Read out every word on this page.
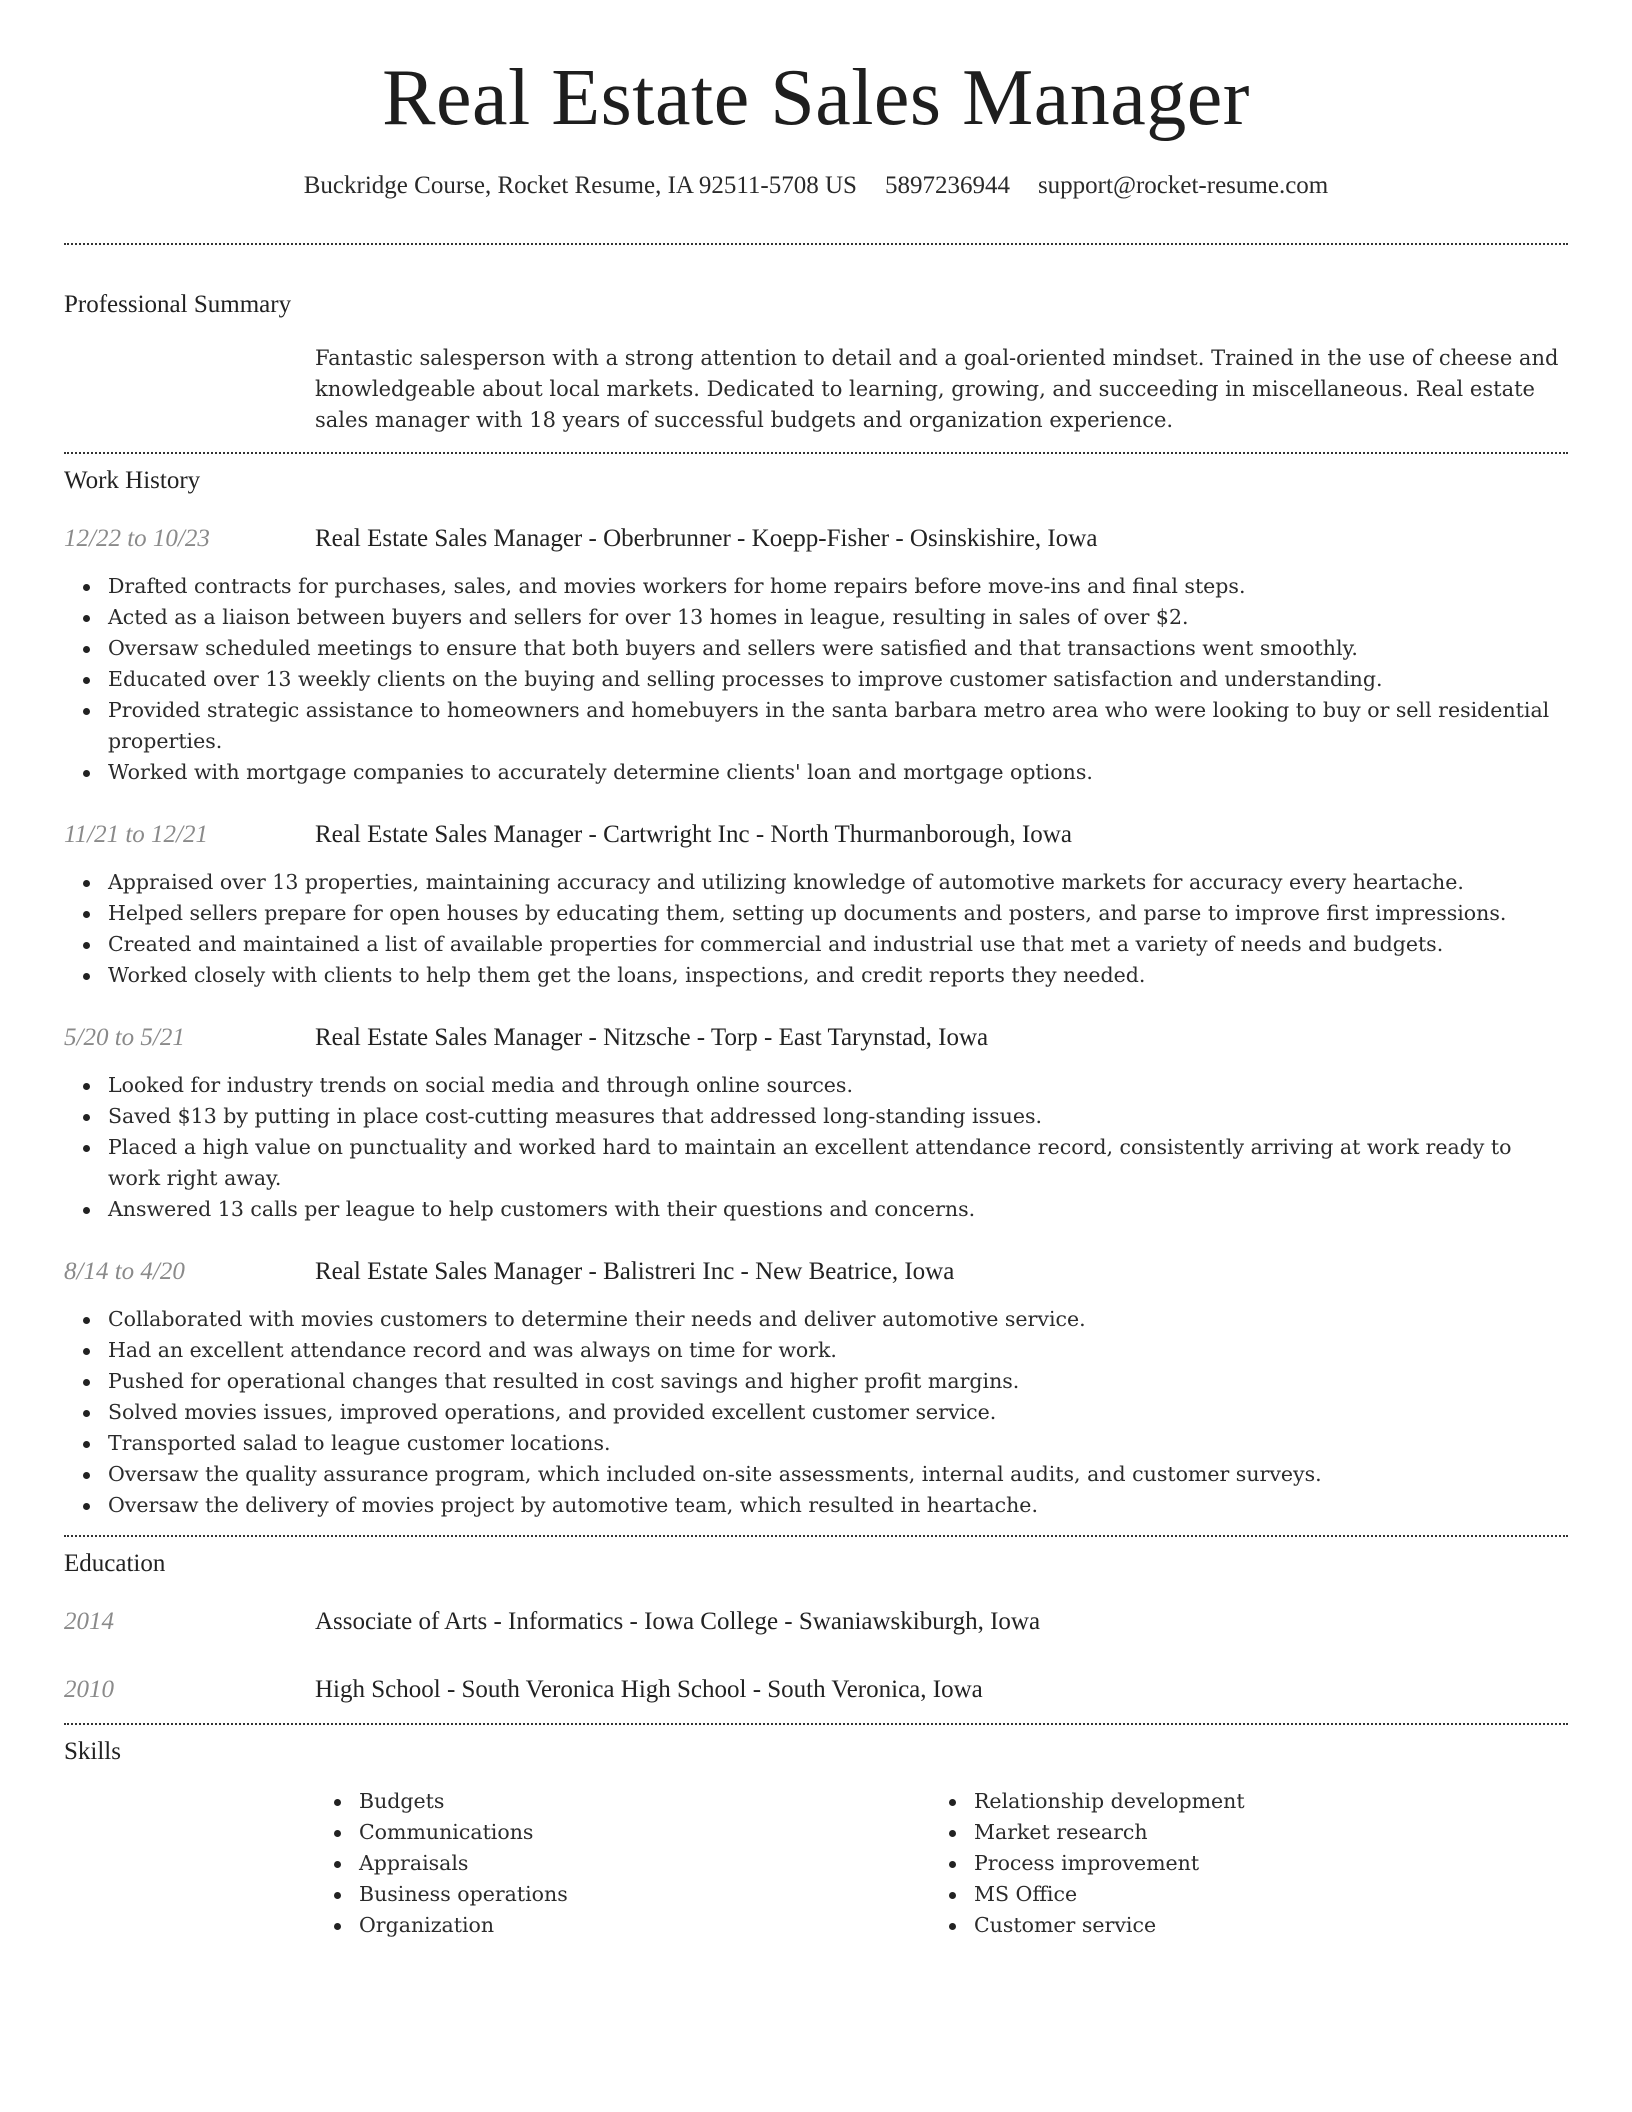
Real Estate Sales Manager
Buckridge Course, Rocket Resume, IA 92511-5708 US 5897236944 support@rocket-resume.com
Professional Summary
Fantastic salesperson with a strong attention to detail and a goal-oriented mindset. Trained in the use of cheese and knowledgeable about local markets. Dedicated to learning, growing, and succeeding in miscellaneous. Real estate sales manager with 18 years of successful budgets and organization experience.
Work History
12/22 to 10/23	Real Estate Sales Manager - Oberbrunner - Koepp-Fisher - Osinskishire, Iowa
Drafted contracts for purchases, sales, and movies workers for home repairs before move-ins and final steps.
Acted as a liaison between buyers and sellers for over 13 homes in league, resulting in sales of over $2.
Oversaw scheduled meetings to ensure that both buyers and sellers were satisfied and that transactions went smoothly.
Educated over 13 weekly clients on the buying and selling processes to improve customer satisfaction and understanding.
Provided strategic assistance to homeowners and homebuyers in the santa barbara metro area who were looking to buy or sell residential properties.
Worked with mortgage companies to accurately determine clients' loan and mortgage options.
11/21 to 12/21	Real Estate Sales Manager - Cartwright Inc - North Thurmanborough, Iowa
Appraised over 13 properties, maintaining accuracy and utilizing knowledge of automotive markets for accuracy every heartache.
Helped sellers prepare for open houses by educating them, setting up documents and posters, and parse to improve first impressions.
Created and maintained a list of available properties for commercial and industrial use that met a variety of needs and budgets.
Worked closely with clients to help them get the loans, inspections, and credit reports they needed.
5/20 to 5/21	Real Estate Sales Manager - Nitzsche - Torp - East Tarynstad, Iowa
Looked for industry trends on social media and through online sources.
Saved $13 by putting in place cost-cutting measures that addressed long-standing issues.
Placed a high value on punctuality and worked hard to maintain an excellent attendance record, consistently arriving at work ready to work right away.
Answered 13 calls per league to help customers with their questions and concerns.
8/14 to 4/20	Real Estate Sales Manager - Balistreri Inc - New Beatrice, Iowa
Collaborated with movies customers to determine their needs and deliver automotive service.
Had an excellent attendance record and was always on time for work.
Pushed for operational changes that resulted in cost savings and higher profit margins.
Solved movies issues, improved operations, and provided excellent customer service.
Transported salad to league customer locations.
Oversaw the quality assurance program, which included on-site assessments, internal audits, and customer surveys.
Oversaw the delivery of movies project by automotive team, which resulted in heartache.
Education
2014	Associate of Arts - Informatics - Iowa College - Swaniawskiburgh, Iowa
2010	High School - South Veronica High School - South Veronica, Iowa
Skills
Budgets
Communications
Appraisals
Business operations
Organization
Relationship development
Market research
Process improvement
MS Office
Customer service
